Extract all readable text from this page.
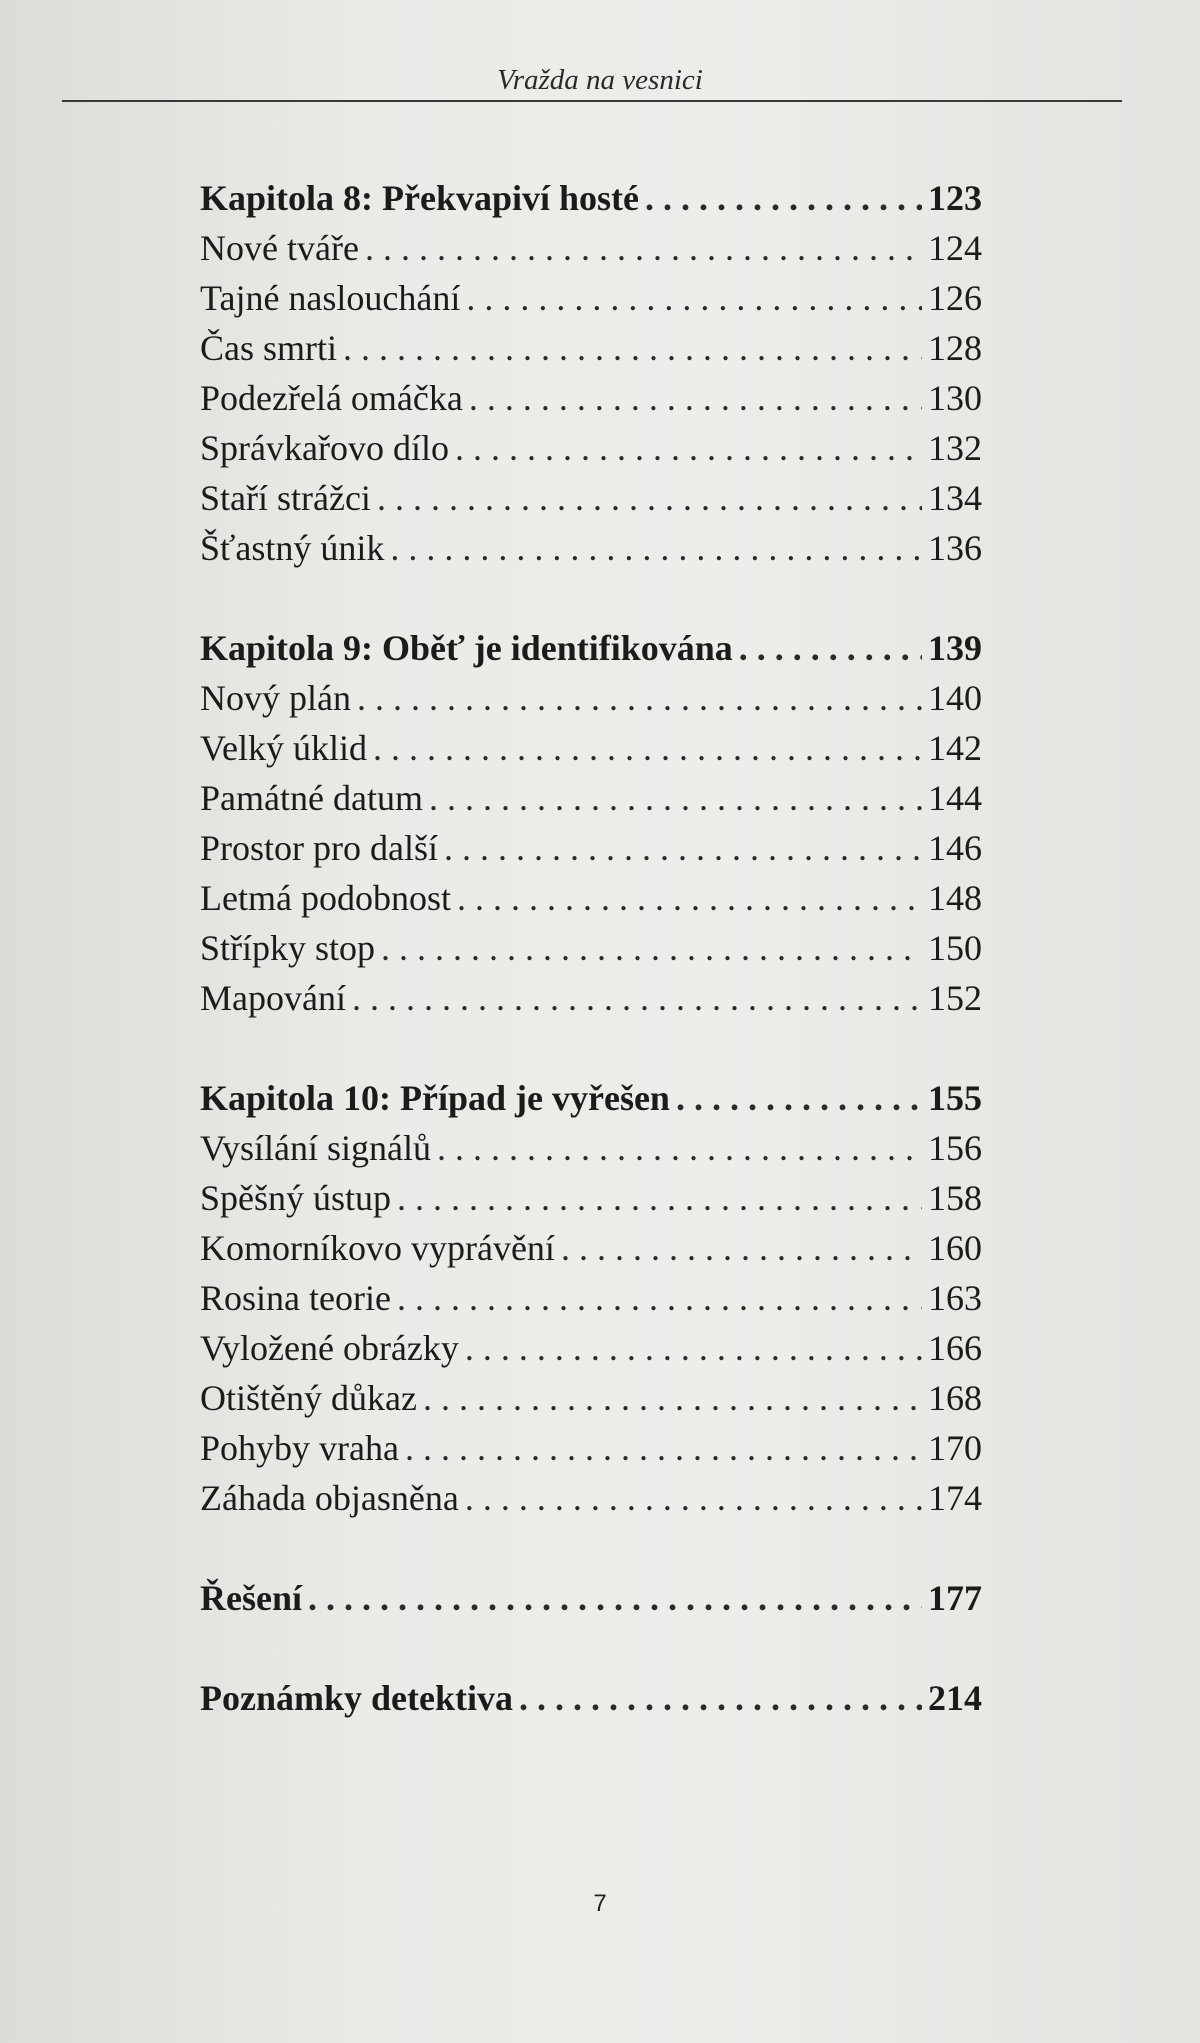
Vražda na vesnici
Kapitola 8: Překvapiví hosté . . .	123
Nové tváře . . .	124
Tajné naslouchání . . .	126
Čas smrti . . .	128
Podezřelá omáčka . . .	130
Správkařovo dílo . . .	132
Staří strážci . . .	134
Šťastný únik . . .	136
Kapitola 9: Oběť je identifikována . . .	139
Nový plán . . .	140
Velký úklid . . .	142
Památné datum . . .	144
Prostor pro další . . .	146
Letmá podobnost . . .	148
Střípky stop . . .	150
Mapování . . .	152
Kapitola 10: Případ je vyřešen . . .	155
Vysílání signálů . . .	156
Spěšný ústup . . .	158
Komorníkovo vyprávění . . .	160
Rosina teorie . . .	163
Vyložené obrázky . . .	166
Otištěný důkaz . . .	168
Pohyby vraha . . .	170
Záhada objasněna . . .	174
Řešení . . .	177
Poznámky detektiva . . .	214
7
